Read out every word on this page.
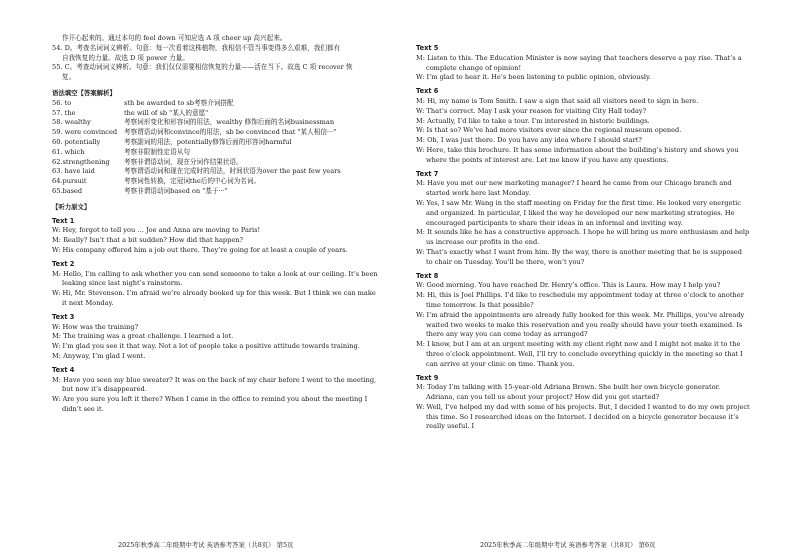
作开心起来的。通过本句的 feel down 可知应选 A 项 cheer up 高兴起来。

54. D。考查名词词义辨析。句意：每一次看着这株植物，我相信不管当事变得多么艰难，我们都有

自我恢复的力量。故选 D 项 power 力量。

55. C。考查动词词义辨析。句意：我们仅仅需要相信恢复的力量——活在当下。故选 C 项 recover 恢

复。

语法填空【答案解析】

56. to	sth be awarded to sb考察介词搭配
57. the	the will of sb "某人的意愿"
58. wealthy	考察词形变化和形容词的用法，wealthy 修饰后面的名词businessman
59. were convinced	考察谓语动词和convince的用法，sb be convinced that "某人相信···"
60. potentially	考察副词的用法，potentially修饰后面的形容词harmful
61. which	考察非限制性定语从句
62.strengthening	考察非谓语动词，现在分词作结果状语。
63. have laid	考察谓语动词和现在完成时的用法，时间状语为over the past few years
64.pursuit	考察词性转换，定冠词the后的中心词为名词。
65.based	考察非谓语动词based on "基于···"

【听力原文】

Text 1

W: Hey, forgot to tell you … Joe and Anna are moving to Paris!

M: Really? Isn’t that a bit sudden? How did that happen?

W: His company offered him a job out there. They’re going for at least a couple of years.

Text 2

M: Hello, I’m calling to ask whether you can send someone to take a look at our ceiling. It’s been leaking since last night’s rainstorm.

W: Hi, Mr. Stevenson. I’m afraid we’re already booked up for this week. But I think we can make it next Monday.

Text 3

W: How was the training?

M: The training was a great challenge. I learned a lot.

W: I’m glad you see it that way. Not a lot of people take a positive attitude towards training.

M: Anyway, I’m glad I went.

Text 4

M: Have you seen my blue sweater? It was on the back of my chair before I went to the meeting, but now it’s disappeared.

W: Are you sure you left it there? When I came in the office to remind you about the meeting I didn’t see it.

Text 5

M: Listen to this. The Education Minister is now saying that teachers deserve a pay rise. That’s a complete change of opinion!

W: I’m glad to hear it. He’s been listening to public opinion, obviously.

Text 6

M: Hi, my name is Tom Smith. I saw a sign that said all visitors need to sign in here.

W: That’s correct. May I ask your reason for visiting City Hall today?

M: Actually, I’d like to take a tour. I’m interested in historic buildings.

W: Is that so? We’ve had more visitors ever since the regional museum opened.

M: Oh, I was just there. Do you have any idea where I should start?

W: Here, take this brochure. It has some information about the building’s history and shows you where the points of interest are. Let me know if you have any questions.

Text 7

M: Have you met our new marketing manager? I heard he came from our Chicago branch and started work here last Monday.

W: Yes, I saw Mr. Wang in the staff meeting on Friday for the first time. He looked very energetic and organized. In particular, I liked the way he developed our new marketing strategies. He encouraged participants to share their ideas in an informal and inviting way.

M: It sounds like he has a constructive approach. I hope he will bring us more enthusiasm and help us increase our profits in the end.

W: That’s exactly what I want from him. By the way, there is another meeting that he is supposed to chair on Tuesday. You’ll be there, won’t you?

Text 8

W: Good morning. You have reached Dr. Henry’s office. This is Laura. How may I help you?

M: Hi, this is Joel Phillips. I’d like to reschedule my appointment today at three o’clock to another time tomorrow. Is that possible?

W: I’m afraid the appointments are already fully booked for this week. Mr. Phillips, you’ve already waited two weeks to make this reservation and you really should have your teeth examined. Is there any way you can come today as arranged?

M: I know, but I am at an urgent meeting with my client right now and I might not make it to the three o’clock appointment. Well, I’ll try to conclude everything quickly in the meeting so that I can arrive at your clinic on time. Thank you.

Text 9

M: Today I’m talking with 15-year-old Adriana Brown. She built her own bicycle generator. Adriana, can you tell us about your project? How did you get started?

W: Well, I’ve helped my dad with some of his projects. But, I decided I wanted to do my own project this time. So I researched ideas on the Internet. I decided on a bicycle generator because it’s really useful. I

2025年秋季高二年级期中考试 英语参考答案（共8页） 第5页	2025年秋季高二年级期中考试 英语参考答案（共8页） 第6页
